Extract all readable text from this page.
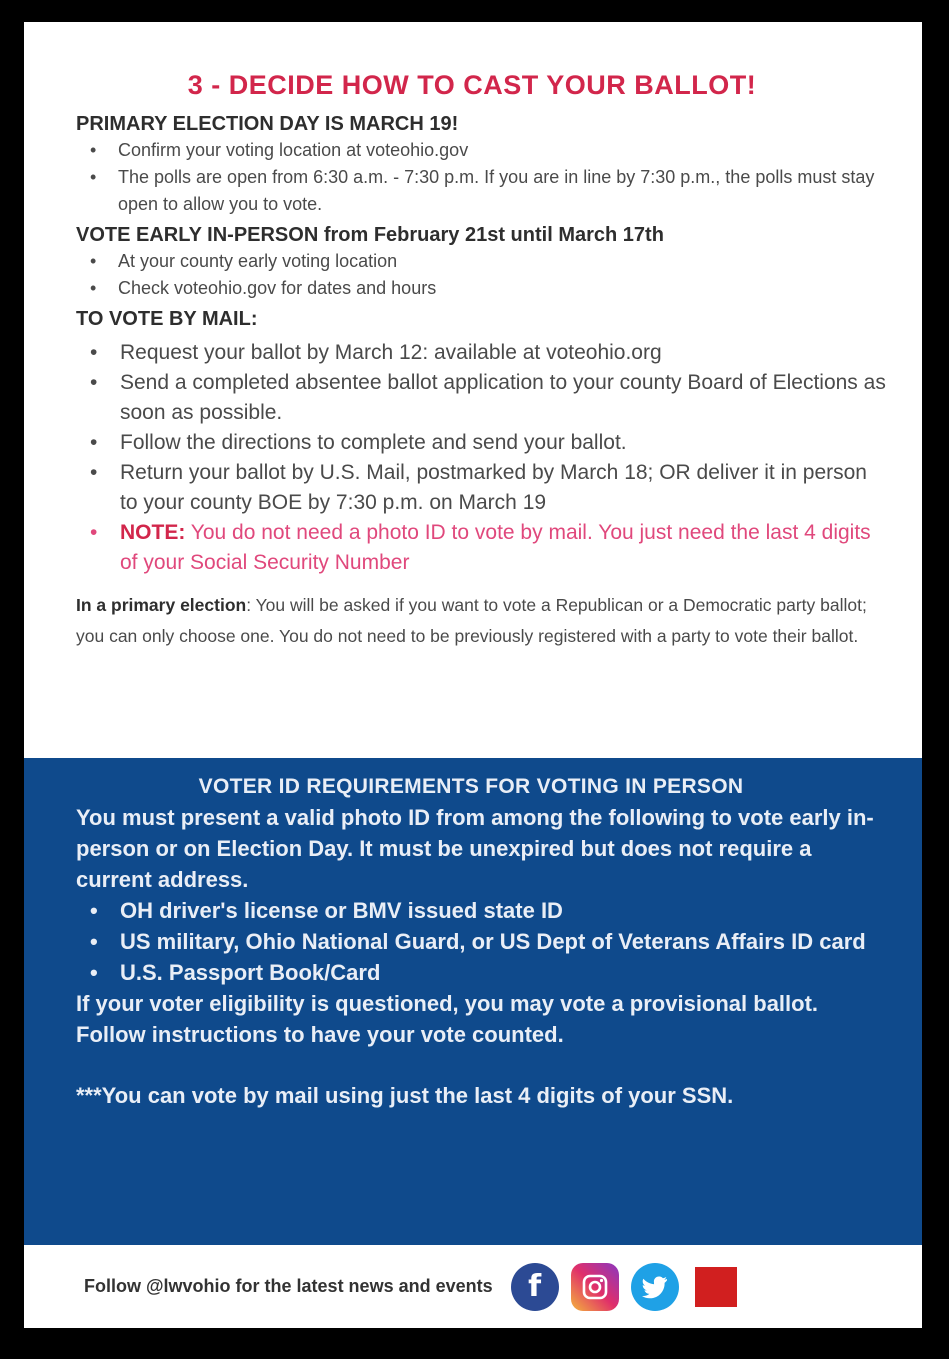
3 - DECIDE HOW TO CAST YOUR BALLOT!
PRIMARY ELECTION DAY IS MARCH 19!
• Confirm your voting location at voteohio.gov
• The polls are open from 6:30 a.m. - 7:30 p.m. If you are in line by 7:30 p.m., the polls must stay open to allow you to vote.
VOTE EARLY IN-PERSON from February 21st until March 17th
• At your county early voting location
• Check voteohio.gov for dates and hours
TO VOTE BY MAIL:
• Request your ballot by March 12: available at voteohio.org
• Send a completed absentee ballot application to your county Board of Elections as soon as possible.
• Follow the directions to complete and send your ballot.
• Return your ballot by U.S. Mail, postmarked by March 18; OR deliver it in person to your county BOE by 7:30 p.m. on March 19
• NOTE: You do not need a photo ID to vote by mail. You just need the last 4 digits of your Social Security Number
In a primary election: You will be asked if you want to vote a Republican or a Democratic party ballot; you can only choose one. You do not need to be previously registered with a party to vote their ballot.
VOTER ID REQUIREMENTS FOR VOTING IN PERSON
You must present a valid photo ID from among the following to vote early in-person or on Election Day. It must be unexpired but does not require a current address.
• OH driver's license or BMV issued state ID
• US military, Ohio National Guard, or US Dept of Veterans Affairs ID card
• U.S. Passport Book/Card
If your voter eligibility is questioned, you may vote a provisional ballot. Follow instructions to have your vote counted.
***You can vote by mail using just the last 4 digits of your SSN.
Follow @lwvohio for the latest news and events	f
